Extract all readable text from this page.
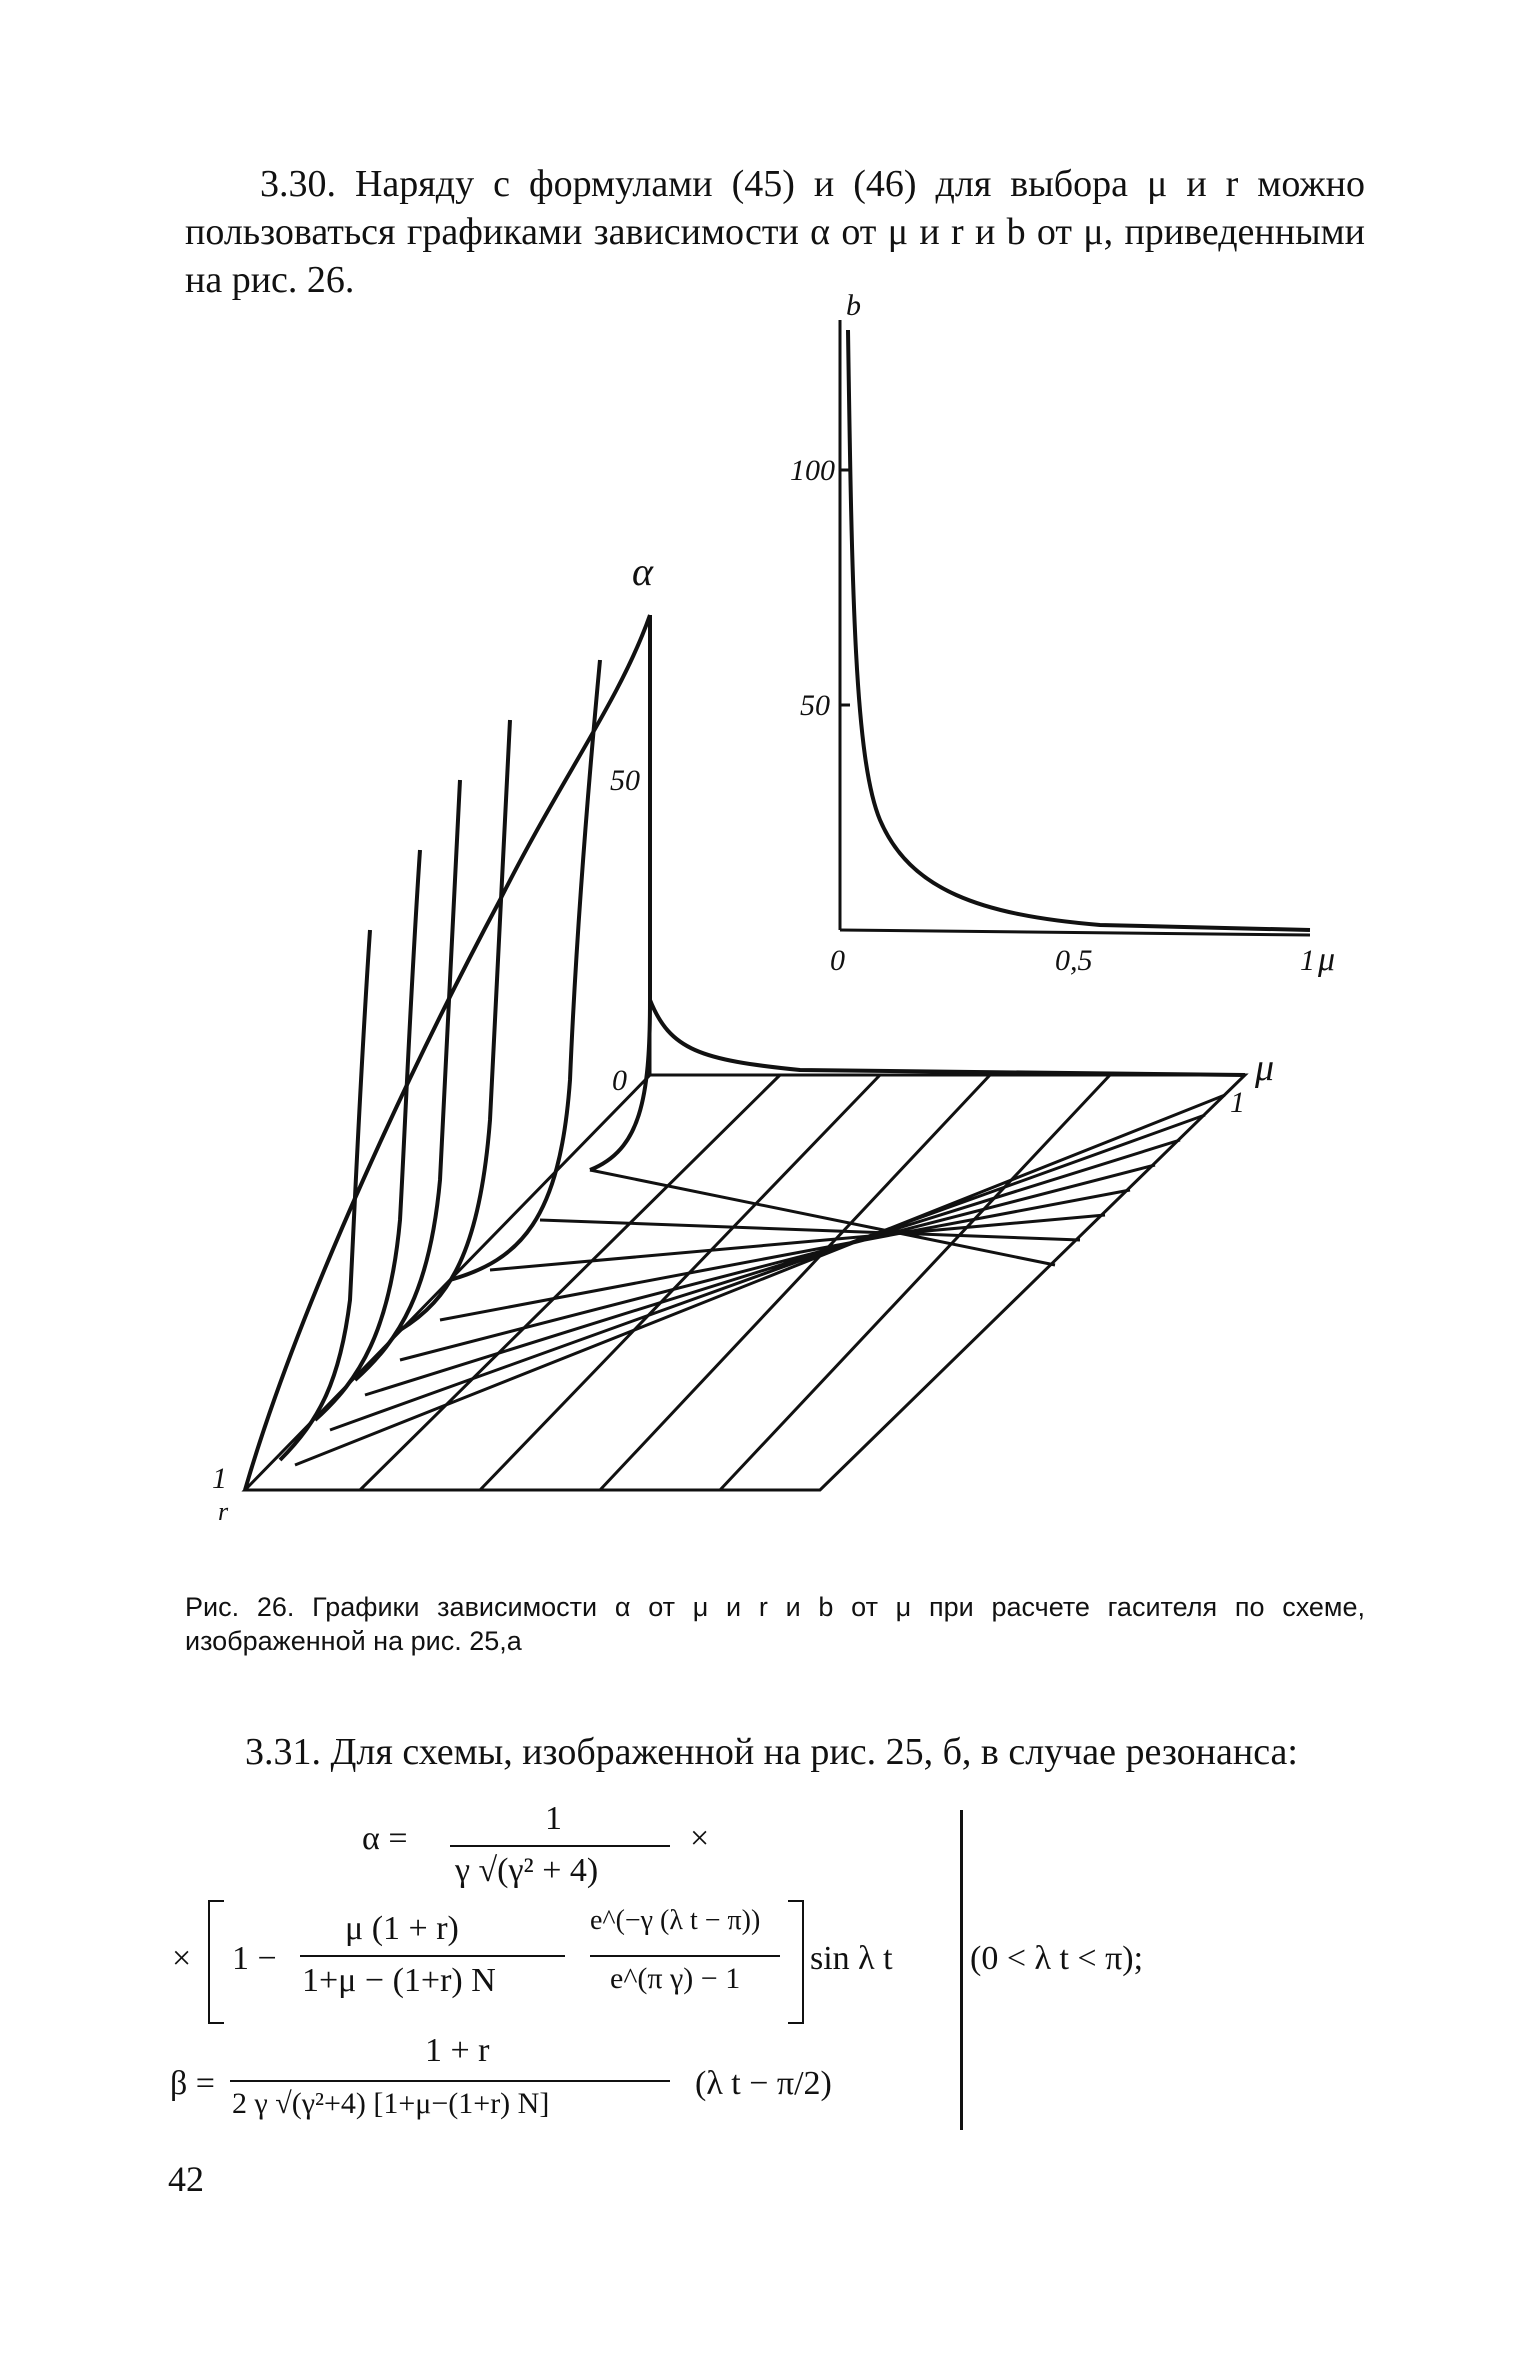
3.30. Наряду с формулами (45) и (46) для выбора μ и r можно пользоваться графиками зависимости α от μ и r и b от μ, приведенными на рис. 26.

α
50
0	μ
1
1
r
b
100
50
0	0,5	1 μ

Рис. 26. Графики зависимости α от μ и r и b от μ при расчете гасителя по схеме, изображенной на рис. 25,а

3.31. Для схемы, изображенной на рис. 25, б, в случае резонанса:

α =
1
γ √(γ² + 4)
×
× 1 −
μ (1 + r)
1+μ − (1+r) N
e^(−γ (λ t − π))
e^(π γ) − 1
sin λ t (0 < λ t < π);
β =
1 + r
2 γ √(γ²+4) [1+μ−(1+r) N]
(λ t − π/2)
42
